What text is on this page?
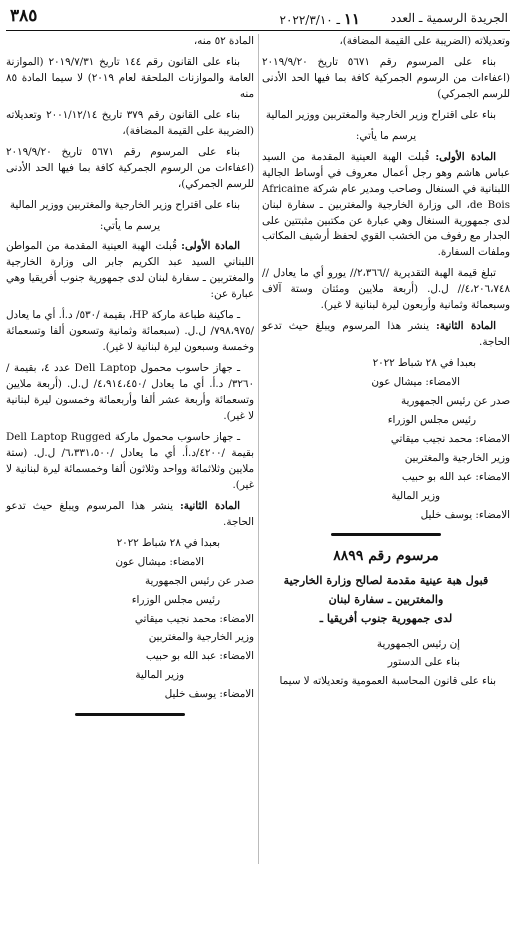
الجريدة الرسمية ـ العدد
١١ ـ ٢٠٢٢/٣/١٠
٣٨٥

وتعديلاته (الضريبة على القيمة المضافة)،

بناء على المرسوم رقم ٥٦٧١ تاريخ ٢٠١٩/٩/٢٠ (اعفاءات من الرسوم الجمركية كافة بما فيها الحد الأدنى للرسم الجمركي)

بناء على اقتراح وزير الخارجية والمغتربين ووزير المالية

يرسم ما يأتي:

المادة الأولى: قُبلت الهبة العينية المقدمة من السيد عباس هاشم وهو رجل أعمال معروف في أوساط الجالية اللبنانية في السنغال وصاحب ومدير عام شركة Africaine de Bois، الى وزارة الخارجية والمغتربين ـ سفارة لبنان لدى جمهورية السنغال وهي عبارة عن مكتبين مثبتتين على الجدار مع رفوف من الخشب القوي لحفظ أرشيف المكاتب وملفات السفارة.

تبلغ قيمة الهبة التقديرية //٢،٣٦٦// يورو أي ما يعادل //٤،٢٠٦،٧٤٨// ل.ل. (أربعة ملايين ومئتان وستة آلاف وسبعمائة وثمانية وأربعون ليرة لبنانية لا غير).

المادة الثانية: ينشر هذا المرسوم ويبلغ حيث تدعو الحاجة.

بعبدا في ٢٨ شباط ٢٠٢٢

الامضاء: ميشال عون

صدر عن رئيس الجمهورية

رئيس مجلس الوزراء

الامضاء: محمد نجيب ميقاتي

وزير الخارجية والمغتربين

الامضاء: عبد الله بو حبيب

وزير المالية

الامضاء: يوسف خليل

مرسوم رقم ٨٨٩٩
قبول هبة عينية مقدمة لصالح وزارة الخارجية
والمغتربين ـ سفارة لبنان
لدى جمهورية جنوب أفريقيا ـ

إن رئيس الجمهورية

بناء على الدستور

بناء على قانون المحاسبة العمومية وتعديلاته لا سيما

المادة ٥٢ منه،

بناء على القانون رقم ١٤٤ تاريخ ٢٠١٩/٧/٣١ (الموازنة العامة والموازنات الملحقة لعام ٢٠١٩) لا سيما المادة ٨٥ منه

بناء على القانون رقم ٣٧٩ تاريخ ٢٠٠١/١٢/١٤ وتعديلاته (الضريبة على القيمة المضافة)،

بناء على المرسوم رقم ٥٦٧١ تاريخ ٢٠١٩/٩/٢٠ (اعفاءات من الرسوم الجمركية كافة بما فيها الحد الأدنى للرسم الجمركي)،

بناء على اقتراح وزير الخارجية والمغتربين ووزير المالية

يرسم ما يأتي:

المادة الأولى: قُبلت الهبة العينية المقدمة من المواطن اللبناني السيد عبد الكريم جابر الى وزارة الخارجية والمغتربين ـ سفارة لبنان لدى جمهورية جنوب أفريقيا وهي عبارة عن:

ـ ماكينة طباعة ماركة HP، بقيمة /٥٣٠/ د.أ. أي ما يعادل /٧٩٨،٩٧٥/ ل.ل. (سبعمائة وثمانية وتسعون ألفا وتسعمائة وخمسة وسبعون ليرة لبنانية لا غير).

ـ جهاز حاسوب محمول Dell Laptop عدد ٤، بقيمة /٣٢٦٠/ د.أ. أي ما يعادل /٤،٩١٤،٤٥٠/ ل.ل. (أربعة ملايين وتسعمائة وأربعة عشر ألفا وأربعمائة وخمسون ليرة لبنانية لا غير).

ـ جهاز حاسوب محمول ماركة Dell Laptop Rugged بقيمة /٤٢٠٠/د.أ. أي ما يعادل /٦،٣٣١،٥٠٠/ ل.ل. (ستة ملايين وثلاثمائة وواحد وثلاثون ألفا وخمسمائة ليرة لبنانية لا غير).

المادة الثانية: ينشر هذا المرسوم ويبلغ حيث تدعو الحاجة.

بعبدا في ٢٨ شباط ٢٠٢٢

الامضاء: ميشال عون

صدر عن رئيس الجمهورية

رئيس مجلس الوزراء

الامضاء: محمد نجيب ميقاتي

وزير الخارجية والمغتربين

الامضاء: عبد الله بو حبيب

وزير المالية

الامضاء: يوسف خليل
